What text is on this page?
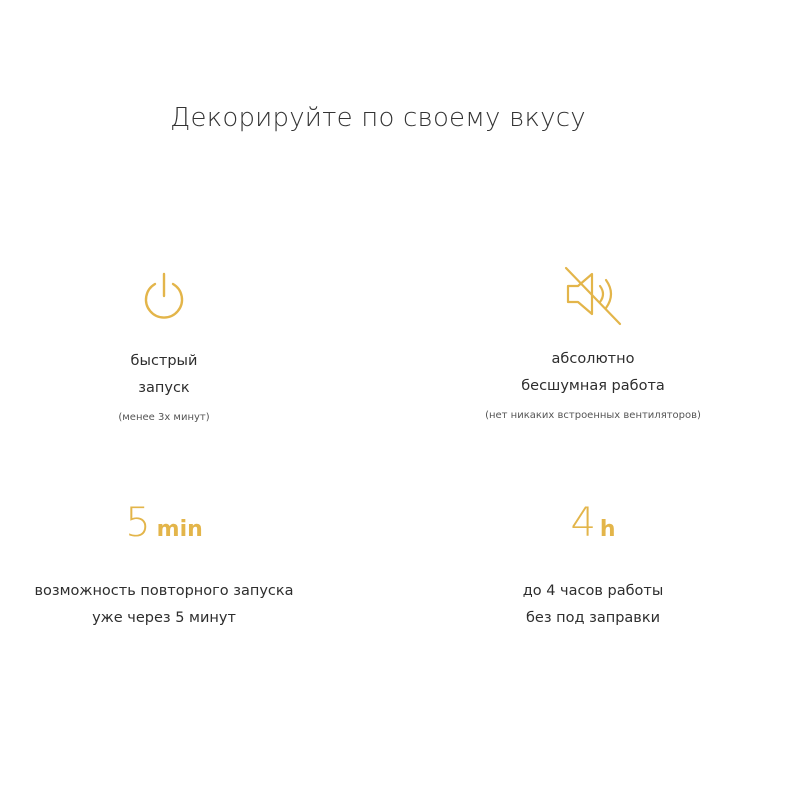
Декорируйте по своему вкусу
быстрый
запуск
(менее 3х минут)
абсолютно
бесшумная работа
(нет никаких встроенных вентиляторов)
5 min
возможность повторного запуска
уже через 5 минут
4 h
до 4 часов работы
без под заправки
